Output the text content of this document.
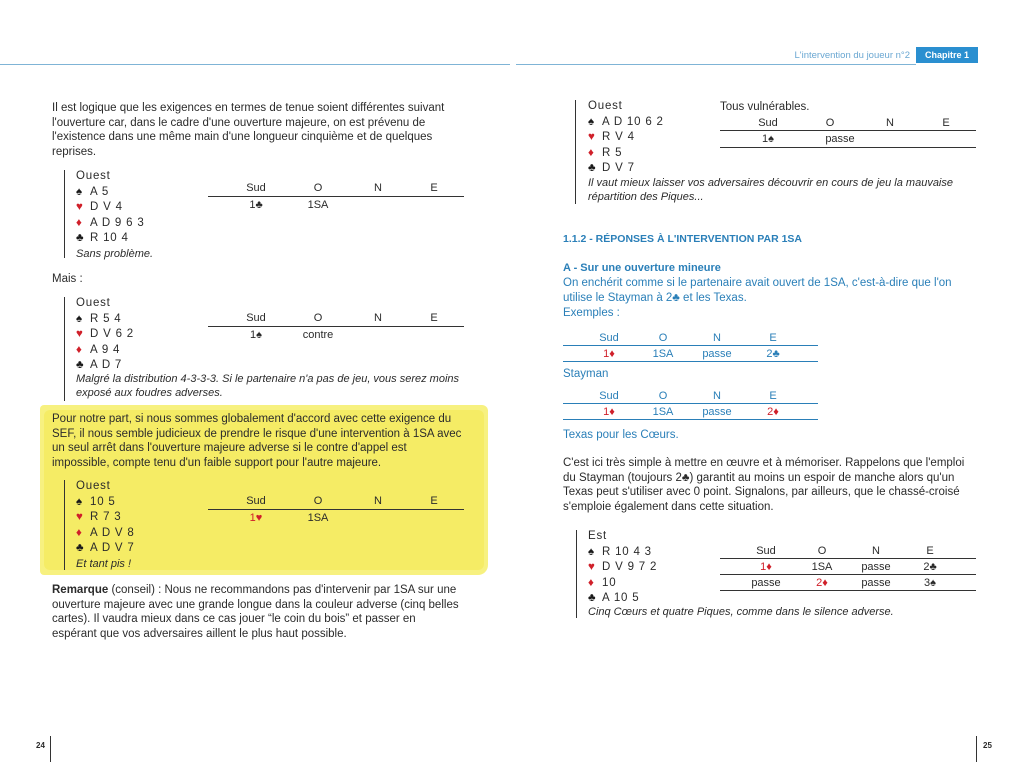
L'intervention du joueur n°2	Chapitre 1

Il est logique que les exigences en termes de tenue soient différentes suivant l'ouverture car, dans le cadre d'une ouverture majeure, on est prévenu de l'existence dans une même main d'une longueur cinquième et de quelques reprises.

Ouest
♠ A 5
♥ D V 4
♦ A D 9 6 3
♣ R 10 4
Sans problème.
Sud	O	N	E
1♣	1SA
Mais :
Ouest
♠ R 5 4
♥ D V 6 2
♦ A 9 4
♣ A D 7
Malgré la distribution 4-3-3-3. Si le partenaire n'a pas de jeu, vous serez moins exposé aux foudres adverses.
Sud	O	N	E
1♠	contre

Pour notre part, si nous sommes globalement d'accord avec cette exigence du SEF, il nous semble judicieux de prendre le risque d'une intervention à 1SA avec un seul arrêt dans l'ouverture majeure adverse si le contre d'appel est impossible, compte tenu d'un faible support pour l'autre majeure.

Ouest
♠ 10 5
♥ R 7 3
♦ A D V 8
♣ A D V 7
Et tant pis !
Sud	O	N	E
1♥	1SA

Remarque (conseil) : Nous ne recommandons pas d'intervenir par 1SA sur une ouverture majeure avec une grande longue dans la couleur adverse (cinq belles cartes). Il vaudra mieux dans ce cas jouer “le coin du bois” et passer en espérant que vos adversaires aillent le plus haut possible.

Ouest
♠ A D 10 6 2
♥ R V 4
♦ R 5
♣ D V 7
Il vaut mieux laisser vos adversaires découvrir en cours de jeu la mauvaise répartition des Piques...
Tous vulnérables.
Sud	O	N	E
1♠	passe
1.1.2 - RÉPONSES À L'INTERVENTION PAR 1SA
A - Sur une ouverture mineure

On enchérit comme si le partenaire avait ouvert de 1SA, c'est-à-dire que l'on utilise le Stayman à 2♣ et les Texas.

Exemples :
Sud	O	N	E
1♦	1SA	passe	2♣
Stayman
Sud	O	N	E
1♦	1SA	passe	2♦
Texas pour les Cœurs.

C'est ici très simple à mettre en œuvre et à mémoriser. Rappelons que l'emploi du Stayman (toujours 2♣) garantit au moins un espoir de manche alors qu'un Texas peut s'utiliser avec 0 point. Signalons, par ailleurs, que le chassé-croisé s'emploie également dans cette situation.

Est
♠ R 10 4 3
♥ D V 9 7 2
♦ 10
♣ A 10 5
Cinq Cœurs et quatre Piques, comme dans le silence adverse.
Sud	O	N	E
1♦	1SA	passe	2♣
passe	2♦	passe	3♠
24	25
